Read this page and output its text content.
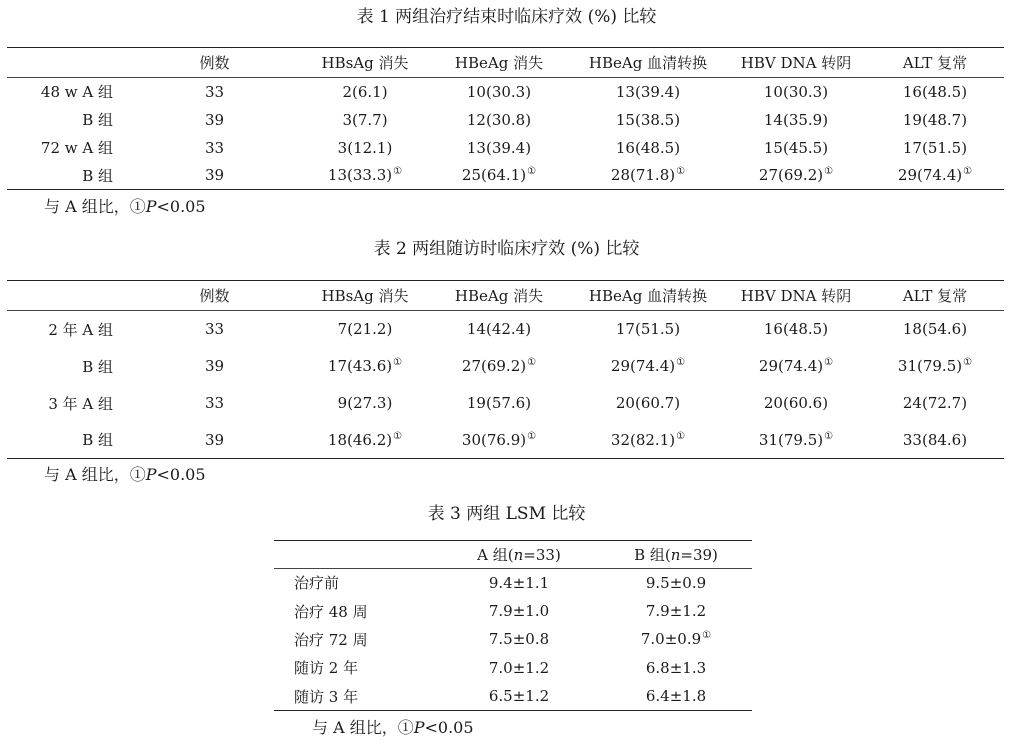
表 1 两组治疗结束时临床疗效 (%) 比较
	例数	HBsAg 消失	HBeAg 消失	HBeAg 血清转换	HBV DNA 转阴	ALT 复常
48 w A 组	33	2(6.1)	10(30.3)	13(39.4)	10(30.3)	16(48.5)
B 组	39	3(7.7)	12(30.8)	15(38.5)	14(35.9)	19(48.7)
72 w A 组	33	3(12.1)	13(39.4)	16(48.5)	15(45.5)	17(51.5)
B 组	39	13(33.3)①	25(64.1)①	28(71.8)①	27(69.2)①	29(74.4)①
与 A 组比，①P<0.05
表 2 两组随访时临床疗效 (%) 比较
	例数	HBsAg 消失	HBeAg 消失	HBeAg 血清转换	HBV DNA 转阴	ALT 复常
2 年 A 组	33	7(21.2)	14(42.4)	17(51.5)	16(48.5)	18(54.6)
B 组	39	17(43.6)①	27(69.2)①	29(74.4)①	29(74.4)①	31(79.5)①
3 年 A 组	33	9(27.3)	19(57.6)	20(60.7)	20(60.6)	24(72.7)
B 组	39	18(46.2)①	30(76.9)①	32(82.1)①	31(79.5)①	33(84.6)
与 A 组比，①P<0.05
表 3 两组 LSM 比较
	A 组(n=33)	B 组(n=39)
治疗前	9.4±1.1	9.5±0.9
治疗 48 周	7.9±1.0	7.9±1.2
治疗 72 周	7.5±0.8	7.0±0.9①
随访 2 年	7.0±1.2	6.8±1.3
随访 3 年	6.5±1.2	6.4±1.8
与 A 组比，①P<0.05
